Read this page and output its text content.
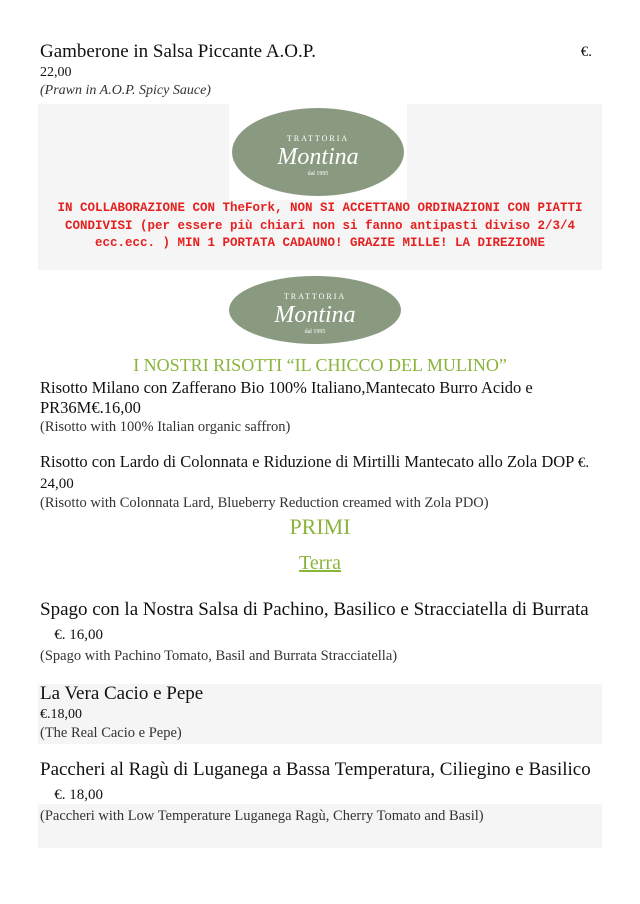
Gamberone in Salsa Piccante A.O.P.	€.
22,00
(Prawn in A.O.P. Spicy Sauce)
TRATTORIA
Montina
dal 1995
IN COLLABORAZIONE CON TheFork, NON SI ACCETTANO ORDINAZIONI CON PIATTI CONDIVISI (per essere più chiari non si fanno antipasti diviso 2/3/4 ecc.ecc. ) MIN 1 PORTATA CADAUNO! GRAZIE MILLE! LA DIREZIONE
TRATTORIA
Montina
dal 1995
I NOSTRI RISOTTI “IL CHICCO DEL MULINO”
Risotto Milano con Zafferano Bio 100% Italiano,Mantecato Burro Acido e PR36M€.16,00
(Risotto with 100% Italian organic saffron)
Risotto con Lardo di Colonnata e Riduzione di Mirtilli Mantecato allo Zola DOP €. 24,00
(Risotto with Colonnata Lard, Blueberry Reduction creamed with Zola PDO)
PRIMI
Terra
Spago con la Nostra Salsa di Pachino, Basilico e Stracciatella di Burrata    €. 16,00
(Spago with Pachino Tomato, Basil and Burrata Stracciatella)
La Vera Cacio e Pepe
€.18,00
(The Real Cacio e Pepe)
Paccheri al Ragù di Luganega a Bassa Temperatura, Ciliegino e Basilico    €. 18,00
(Paccheri with Low Temperature Luganega Ragù, Cherry Tomato and Basil)
